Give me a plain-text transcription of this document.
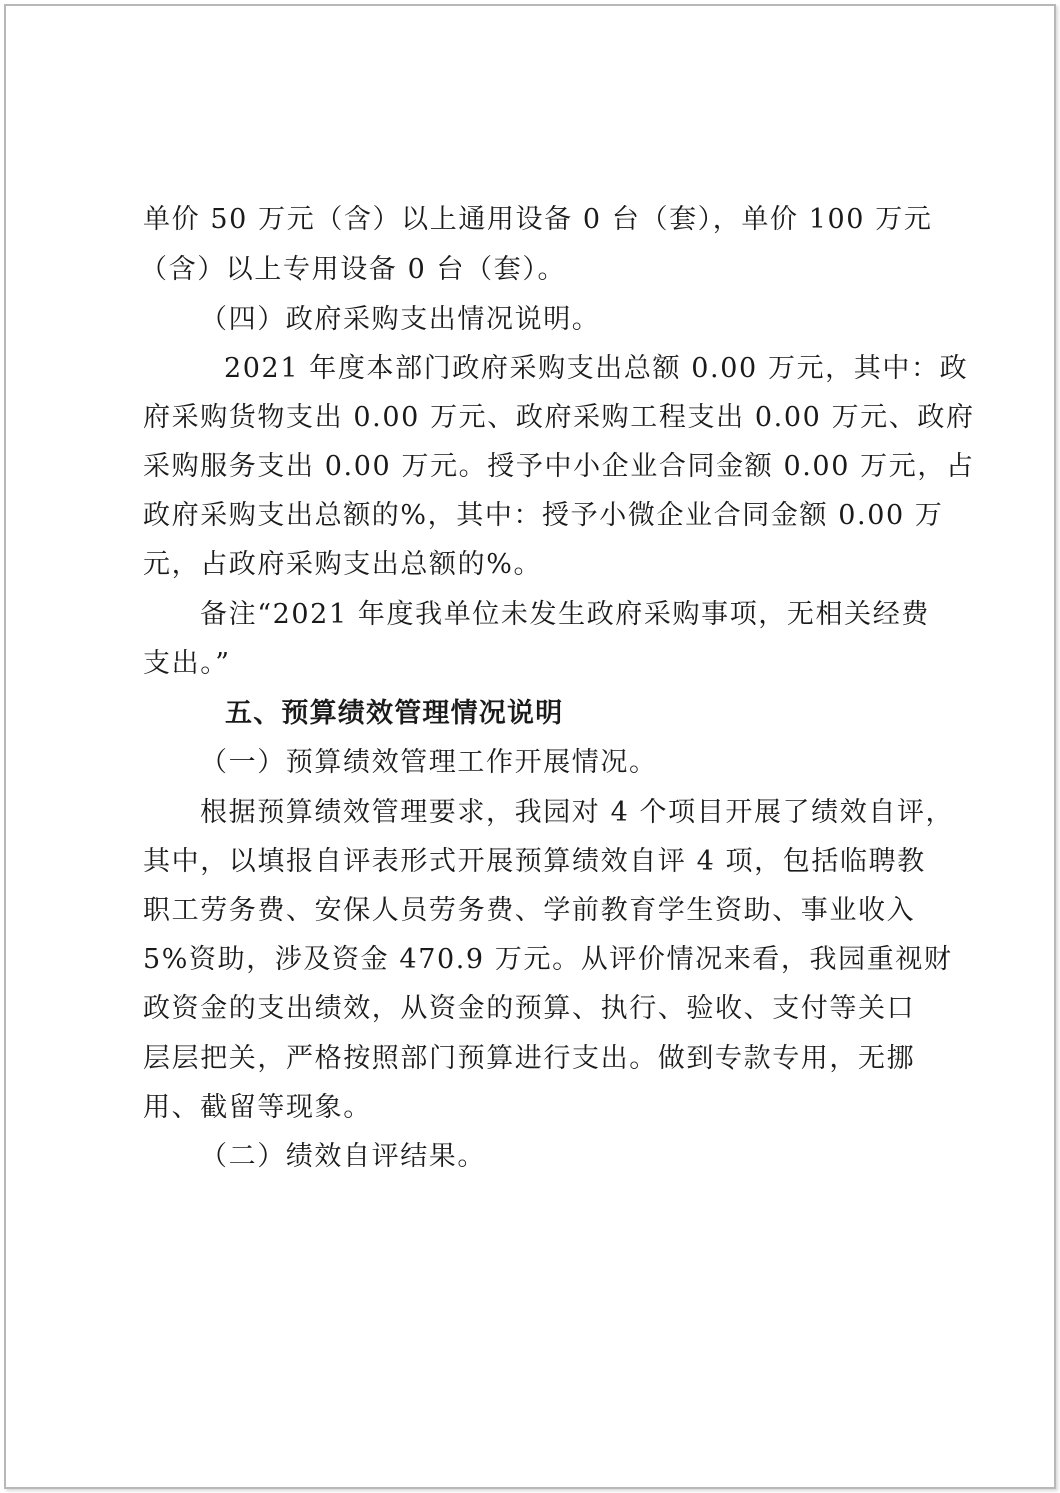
单价 50 万元（含）以上通用设备 0 台（套），单价 100 万元
（含）以上专用设备 0 台（套）。
（四）政府采购支出情况说明。
2021 年度本部门政府采购支出总额 0.00 万元，其中：政
府采购货物支出 0.00 万元、政府采购工程支出 0.00 万元、政府
采购服务支出 0.00 万元。授予中小企业合同金额 0.00 万元，占
政府采购支出总额的%，其中：授予小微企业合同金额 0.00 万
元，占政府采购支出总额的%。
备注“2021 年度我单位未发生政府采购事项，无相关经费
支出。”
五、预算绩效管理情况说明
（一）预算绩效管理工作开展情况。
根据预算绩效管理要求，我园对 4 个项目开展了绩效自评，
其中，以填报自评表形式开展预算绩效自评 4 项，包括临聘教
职工劳务费、安保人员劳务费、学前教育学生资助、事业收入
5%资助，涉及资金 470.9 万元。从评价情况来看，我园重视财
政资金的支出绩效，从资金的预算、执行、验收、支付等关口
层层把关，严格按照部门预算进行支出。做到专款专用，无挪
用、截留等现象。
（二）绩效自评结果。
